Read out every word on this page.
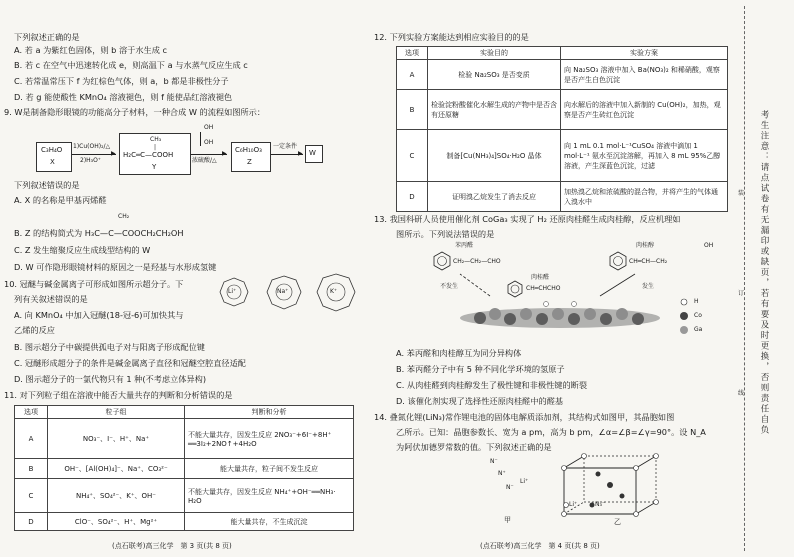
下列叙述正确的是
A. 若 a 为紫红色固体，则 b 溶于水生成 c
B. 若 c 在空气中迅速转化成 e，则高温下 a 与水蒸气反应生成 c
C. 若常温常压下 f 为红棕色气体，则 a，b 都是非极性分子
D. 若 g 能使酸性 KMnO₄ 溶液褪色，则 f 能使品红溶液褪色
9. W是制备隐形眼镜的功能高分子材料，一种合成 W 的流程如图所示：
C₃H₄O
X
1)Cu(OH)₂/△
▶
2)H₃O⁺
CH₃
|
H₂C═C—COOH
Y
OH
OH
▶
浓硫酸/△
C₆H₁₀O₃
Z
一定条件
▶ W
下列叙述错误的是
A. X 的名称是甲基丙烯醛
CH₂
B. Z 的结构简式为 H₃C—C—COOCH₂CH₂OH
C. Z 发生缩聚反应生成线型结构的 W
D. W 可作隐形眼镜材料的原因之一是羟基与水形成氢键
10. 冠醚与碱金属离子可形成如图所示超分子。下
列有关叙述错误的是
Li⁺	Na⁺	K⁺
A. 向 KMnO₄ 中加入冠醚(18-冠-6)可加快其与
乙烯的反应
B. 图示超分子中碳提供孤电子对与阳离子形成配位键
C. 冠醚形成超分子的条件是碱金属离子直径和冠醚空腔直径适配
D. 图示超分子的一氯代物只有 1 种(不考虑立体异构)
11. 对下列粒子组在溶液中能否大量共存的判断和分析错误的是
选项	粒子组	判断和分析
A	NO₃⁻、I⁻、H⁺、Na⁺	不能大量共存，因发生反应 2NO₃⁻+6I⁻+8H⁺ ══3I₂+2NO↑+4H₂O
B	OH⁻、[Al(OH)₄]⁻、Na⁺、CO₃²⁻	能大量共存，粒子间不发生反应
C	NH₄⁺、SO₄²⁻、K⁺、OH⁻	不能大量共存，因发生反应 NH₄⁺+OH⁻══NH₃· H₂O
D	ClO⁻、SO₄²⁻、H⁺、Mg²⁺	能大量共存，不生成沉淀
(点石联考)高三化学　第 3 页(共 8 页)
12. 下列实验方案能达到相应实验目的的是
选项	实验目的	实验方案
A	检验 Na₂SO₃ 是否变质	向 Na₂SO₃ 溶液中加入 Ba(NO₃)₂ 和稀硝酸，观察是否产生白色沉淀
B	检验淀粉酸催化水解生成的产物中是否含有还原糖	向水解后的溶液中加入新制的 Cu(OH)₂，加热，观察是否产生砖红色沉淀
C	制备[Cu(NH₃)₄]SO₄·H₂O 晶体	向 1 mL 0.1 mol·L⁻¹CuSO₄ 溶液中滴加 1 mol·L⁻¹ 氨水至沉淀溶解，再加入 8 mL 95%乙醇溶液，产生深蓝色沉淀，过滤
D	证明溴乙烷发生了消去反应	加热溴乙烷和浓硫酸的混合物，并将产生的气体通入溴水中
13. 我国科研人员使用催化剂 CoGa₃ 实现了 H₂ 还原肉桂醛生成肉桂醇，反应机理如
图所示。下列说法错误的是
苯丙醛
CH₂—CH₂—CHO
肉桂醇	OH
CH═CH—CH₂
肉桂醛
CH═CHCHO
不发生	发生
H
Co
Ga
A. 苯丙醛和肉桂醇互为同分异构体
B. 苯丙醛分子中有 5 种不同化学环境的氢原子
C. 从肉桂醛到肉桂醇发生了极性键和非极性键的断裂
D. 该催化剂实现了选择性还原肉桂醛中的醛基
14. 叠氮化锂(LiN₃)常作锂电池的固体电解质添加剂，其结构式如图甲，其晶胞如图
乙所示。已知：晶胞参数长、宽为 a pm，高为 b pm，∠α=∠β=∠γ=90°。设 N_A
为阿伏加德罗常数的值。下列叙述正确的是
N⁻
N⁺
N⁻
Li⁺
甲	乙
Li⁺	N₃⁻
(点石联考)高三化学　第 4 页(共 8 页)
装
订
线 考生注意：请点试卷有无漏印或缺页，若有要及时更换，否则责任自负
